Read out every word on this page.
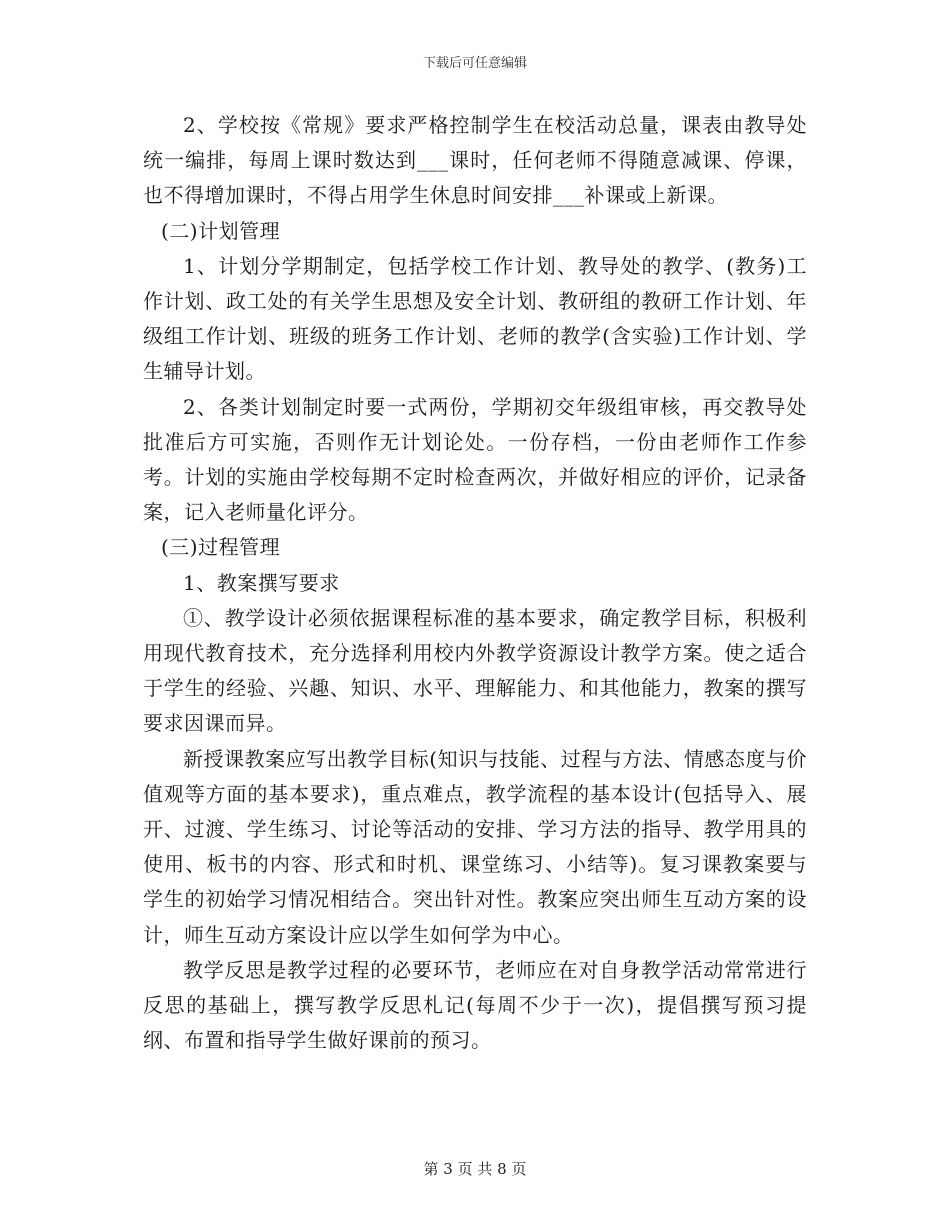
下载后可任意编辑

2、学校按《常规》要求严格控制学生在校活动总量，课表由教导处统一编排，每周上课时数达到___课时，任何老师不得随意减课、停课，也不得增加课时，不得占用学生休息时间安排___补课或上新课。

(二)计划管理

1、计划分学期制定，包括学校工作计划、教导处的教学、(教务)工作计划、政工处的有关学生思想及安全计划、教研组的教研工作计划、年级组工作计划、班级的班务工作计划、老师的教学(含实验)工作计划、学生辅导计划。

2、各类计划制定时要一式两份，学期初交年级组审核，再交教导处批准后方可实施，否则作无计划论处。一份存档，一份由老师作工作参考。计划的实施由学校每期不定时检查两次，并做好相应的评价，记录备案，记入老师量化评分。

(三)过程管理

1、教案撰写要求

①、教学设计必须依据课程标准的基本要求，确定教学目标，积极利用现代教育技术，充分选择利用校内外教学资源设计教学方案。使之适合于学生的经验、兴趣、知识、水平、理解能力、和其他能力，教案的撰写要求因课而异。

新授课教案应写出教学目标(知识与技能、过程与方法、情感态度与价值观等方面的基本要求)，重点难点，教学流程的基本设计(包括导入、展开、过渡、学生练习、讨论等活动的安排、学习方法的指导、教学用具的使用、板书的内容、形式和时机、课堂练习、小结等)。复习课教案要与学生的初始学习情况相结合。突出针对性。教案应突出师生互动方案的设计，师生互动方案设计应以学生如何学为中心。

教学反思是教学过程的必要环节，老师应在对自身教学活动常常进行反思的基础上，撰写教学反思札记(每周不少于一次)，提倡撰写预习提纲、布置和指导学生做好课前的预习。

第 3 页 共 8 页
